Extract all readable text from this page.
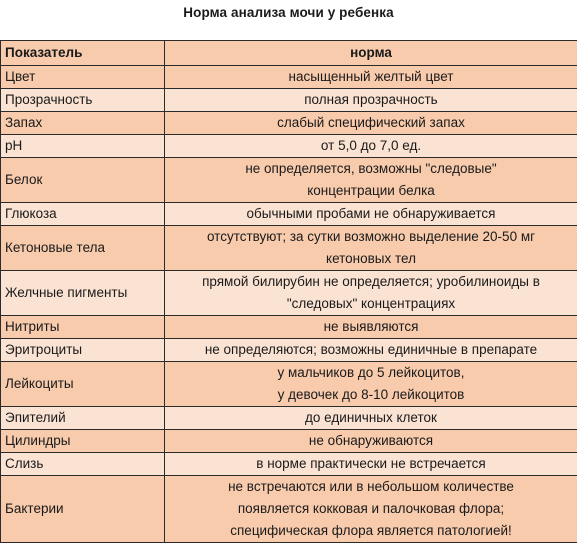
Норма анализа мочи у ребенка
Показатель	норма
Цвет	насыщенный желтый цвет

Прозрачность	полная прозрачность

Запах	слабый специфический запах

pH	от 5,0 до 7,0 ед.

Белок	не определяется, возможны "следовые"
концентрации белка

Глюкоза	обычными пробами не обнаруживается

Кетоновые тела	отсутствуют; за сутки возможно выделение 20-50 мг
кетоновых тел

Желчные пигменты	прямой билирубин не определяется; уробилиноиды в
"следовых" концентрациях

Нитриты	не выявляются

Эритроциты	не определяются; возможны единичные в препарате

Лейкоциты	у мальчиков до 5 лейкоцитов,
у девочек до 8-10 лейкоцитов

Эпителий	до единичных клеток

Цилиндры	не обнаруживаются

Слизь	в норме практически не встречается

Бактерии	не встречаются или в небольшом количестве
появляется кокковая и палочковая флора;
специфическая флора является патологией!
